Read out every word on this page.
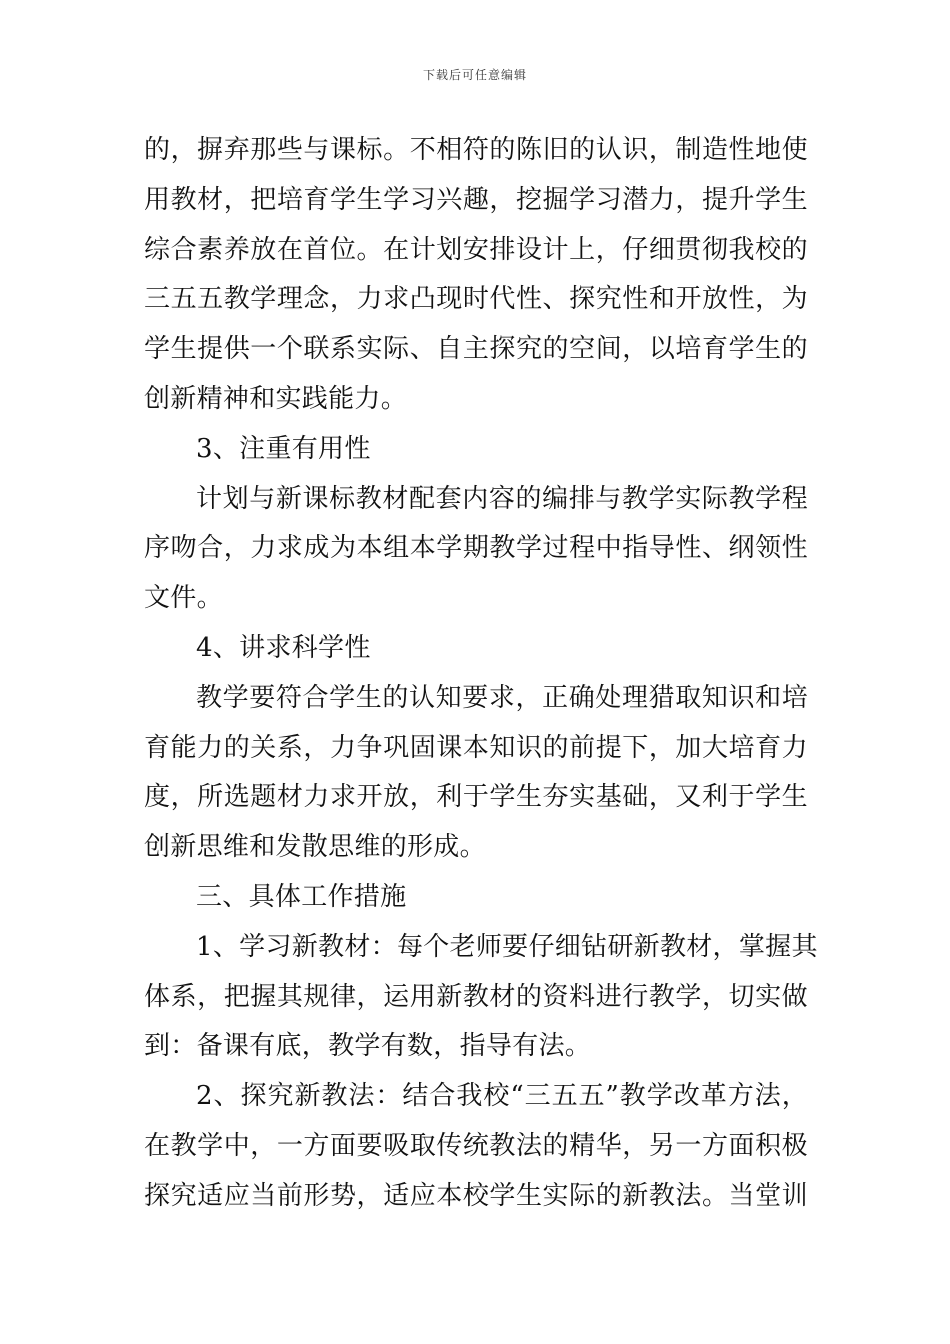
下载后可任意编辑
的，摒弃那些与课标。不相符的陈旧的认识，制造性地使
用教材，把培育学生学习兴趣，挖掘学习潜力，提升学生
综合素养放在首位。在计划安排设计上，仔细贯彻我校的
三五五教学理念，力求凸现时代性、探究性和开放性，为
学生提供一个联系实际、自主探究的空间，以培育学生的
创新精神和实践能力。
3、注重有用性
计划与新课标教材配套内容的编排与教学实际教学程
序吻合，力求成为本组本学期教学过程中指导性、纲领性
文件。
4、讲求科学性
教学要符合学生的认知要求，正确处理猎取知识和培
育能力的关系，力争巩固课本知识的前提下，加大培育力
度，所选题材力求开放，利于学生夯实基础，又利于学生
创新思维和发散思维的形成。
三、具体工作措施
1、学习新教材：每个老师要仔细钻研新教材，掌握其
体系，把握其规律，运用新教材的资料进行教学，切实做
到：备课有底，教学有数，指导有法。
2、探究新教法：结合我校“三五五”教学改革方法，
在教学中，一方面要吸取传统教法的精华，另一方面积极
探究适应当前形势，适应本校学生实际的新教法。当堂训
